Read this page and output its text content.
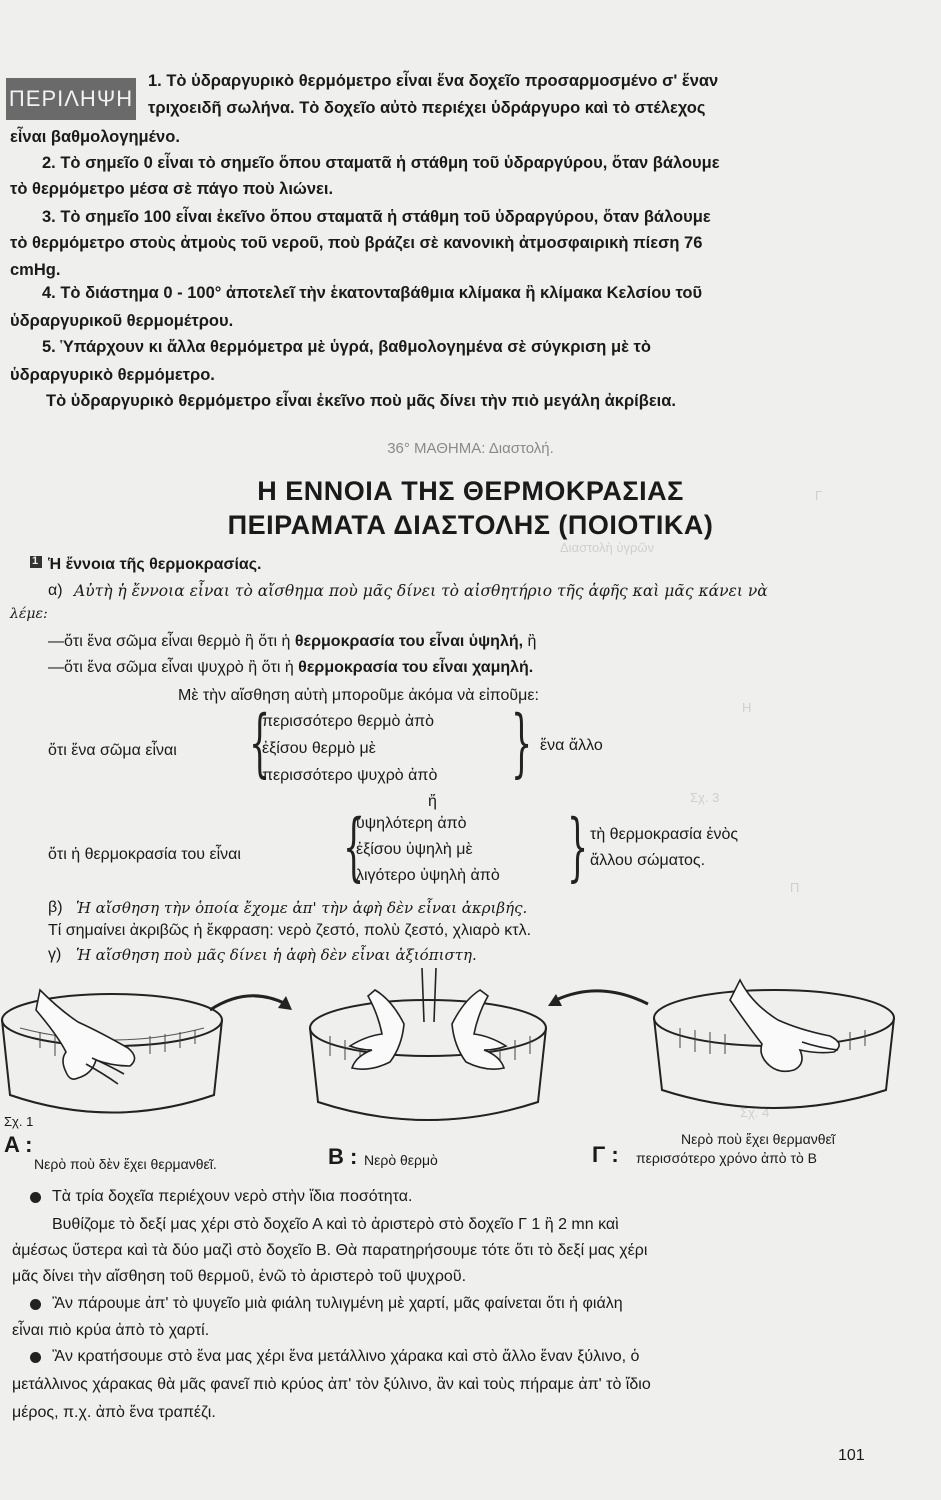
Διαστολὴ ὑγρῶν
Σχ. 3
Σχ. 4
Η
Π
Γ
ΠΕΡΙΛΗΨΗ
1. Τὸ ὑδραργυρικὸ θερμόμετρο εἶναι ἕνα δοχεῖο προσαρμοσμένο σ' ἕναν
τριχοειδῆ σωλήνα. Τὸ δοχεῖο αὐτὸ περιέχει ὑδράργυρο καὶ τὸ στέλεχος
εἶναι βαθμολογημένο.
2. Τὸ σημεῖο 0 εἶναι τὸ σημεῖο ὅπου σταματᾶ ἡ στάθμη τοῦ ὑδραργύρου, ὅταν βάλουμε
τὸ θερμόμετρο μέσα σὲ πάγο ποὺ λιώνει.
3. Τὸ σημεῖο 100 εἶναι ἐκεῖνο ὅπου σταματᾶ ἡ στάθμη τοῦ ὑδραργύρου, ὅταν βάλουμε
τὸ θερμόμετρο στοὺς ἀτμοὺς τοῦ νεροῦ, ποὺ βράζει σὲ κανονικὴ ἀτμοσφαιρικὴ πίεση 76
cmHg.
4. Τὸ διάστημα 0 - 100° ἀποτελεῖ τὴν ἑκατονταβάθμια κλίμακα ἢ κλίμακα Κελσίου τοῦ
ὑδραργυρικοῦ θερμομέτρου.
5. Ὑπάρχουν κι ἄλλα θερμόμετρα μὲ ὑγρά, βαθμολογημένα σὲ σύγκριση μὲ τὸ
ὑδραργυρικὸ θερμόμετρο.
Τὸ ὑδραργυρικὸ θερμόμετρο εἶναι ἐκεῖνο ποὺ μᾶς δίνει τὴν πιὸ μεγάλη ἀκρίβεια.
36° ΜΑΘΗΜΑ: Διαστολή.
Η ΕΝΝΟΙΑ ΤΗΣ ΘΕΡΜΟΚΡΑΣΙΑΣ
ΠΕΙΡΑΜΑΤΑ ΔΙΑΣΤΟΛΗΣ (ΠΟΙΟΤΙΚΑ)
1 Ἡ ἔννοια τῆς θερμοκρασίας.
α) Αὐτὴ ἡ ἔννοια εἶναι τὸ αἴσθημα ποὺ μᾶς δίνει τὸ αἰσθητήριο τῆς ἁφῆς καὶ μᾶς κάνει νὰ
λέμε:
—ὅτι ἕνα σῶμα εἶναι θερμὸ ἢ ὅτι ἡ θερμοκρασία του εἶναι ὑψηλή, ἢ
—ὅτι ἕνα σῶμα εἶναι ψυχρὸ ἢ ὅτι ἡ θερμοκρασία του εἶναι χαμηλή.
Μὲ τὴν αἴσθηση αὐτὴ μποροῦμε ἀκόμα νὰ εἰποῦμε:
ὅτι ἕνα σῶμα εἶναι {
περισσότερο θερμὸ ἀπὸ
ἐξίσου θερμὸ μὲ
περισσότερο ψυχρὸ ἀπὸ } ἕνα ἄλλο
ἤ
ὅτι ἡ θερμοκρασία του εἶναι {
ὑψηλότερη ἀπὸ
ἐξίσου ὑψηλὴ μὲ
λιγότερο ὑψηλὴ ἀπὸ } τὴ θερμοκρασία ἑνὸς
ἄλλου σώματος.
β) Ἡ αἴσθηση τὴν ὁποία ἔχομε ἀπ' τὴν ἁφὴ δὲν εἶναι ἀκριβής.
Τί σημαίνει ἀκριβῶς ἡ ἔκφραση: νερὸ ζεστό, πολὺ ζεστό, χλιαρὸ κτλ.
γ) Ἡ αἴσθηση ποὺ μᾶς δίνει ἡ ἁφὴ δὲν εἶναι ἀξιόπιστη.
Σχ. 1
A :
Νερὸ ποὺ δὲν ἔχει θερμανθεῖ.	B : Νερὸ θερμὸ	Γ :
Νερὸ ποὺ ἔχει θερμανθεῖ
περισσότερο χρόνο ἀπὸ τὸ Β
Τὰ τρία δοχεῖα περιέχουν νερὸ στὴν ἴδια ποσότητα.
Βυθίζομε τὸ δεξί μας χέρι στὸ δοχεῖο Α καὶ τὸ ἀριστερὸ στὸ δοχεῖο Γ 1 ἢ 2 mn καὶ
ἀμέσως ὕστερα καὶ τὰ δύο μαζὶ στὸ δοχεῖο Β. Θὰ παρατηρήσουμε τότε ὅτι τὸ δεξί μας χέρι
μᾶς δίνει τὴν αἴσθηση τοῦ θερμοῦ, ἐνῶ τὸ ἀριστερὸ τοῦ ψυχροῦ.
Ἂν πάρουμε ἀπ' τὸ ψυγεῖο μιὰ φιάλη τυλιγμένη μὲ χαρτί, μᾶς φαίνεται ὅτι ἡ φιάλη
εἶναι πιὸ κρύα ἀπὸ τὸ χαρτί.
Ἂν κρατήσουμε στὸ ἕνα μας χέρι ἕνα μετάλλινο χάρακα καὶ στὸ ἄλλο ἕναν ξύλινο, ὁ
μετάλλινος χάρακας θὰ μᾶς φανεῖ πιὸ κρύος ἀπ' τὸν ξύλινο, ἂν καὶ τοὺς πήραμε ἀπ' τὸ ἴδιο
μέρος, π.χ. ἀπὸ ἕνα τραπέζι.
101
